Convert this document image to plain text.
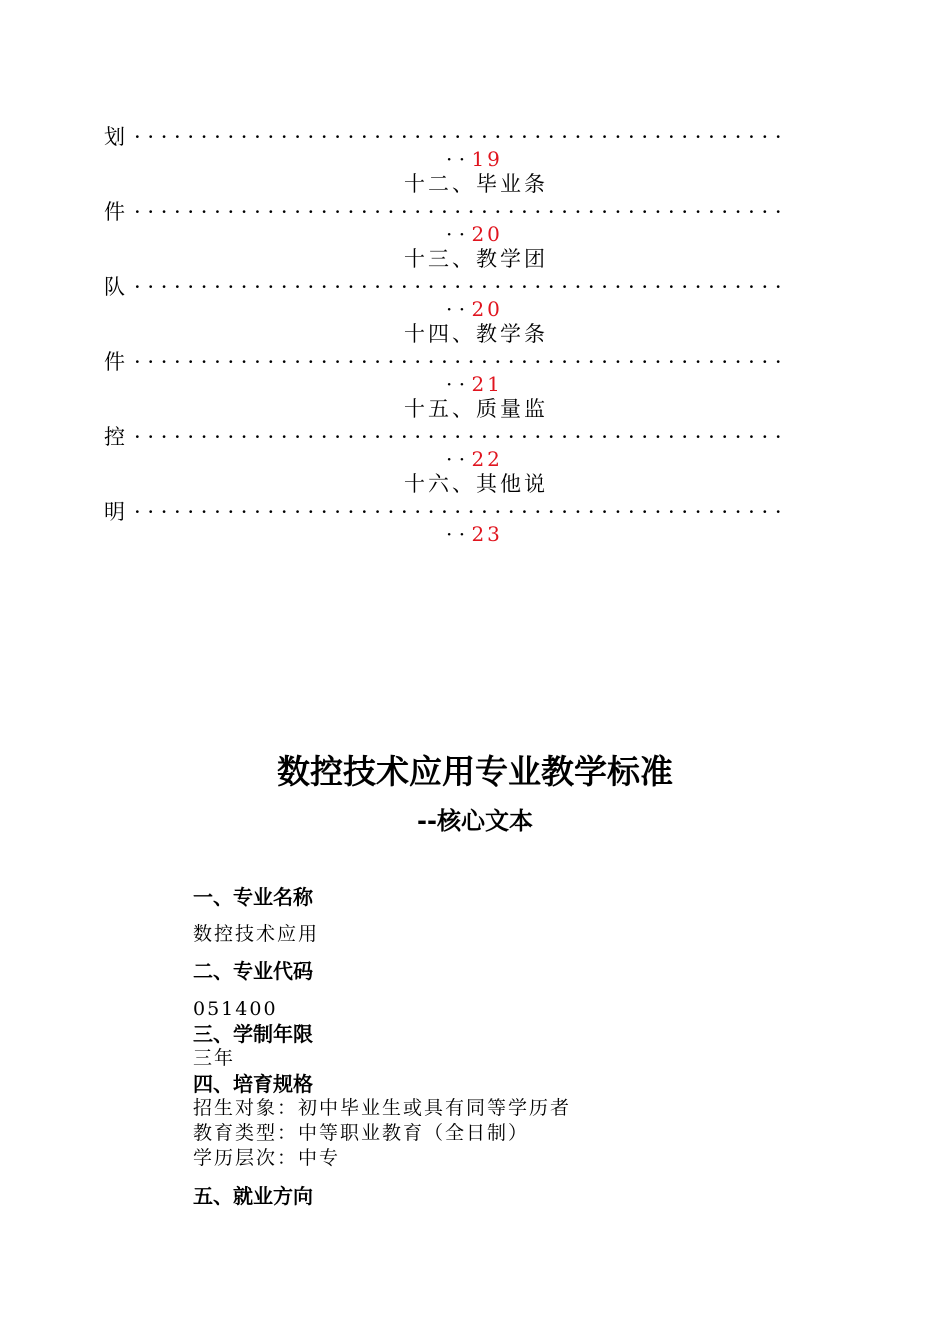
划 · · · · · · · · · · · · · · · · · · · · · · · · · · · · · · · · · · · · · · · · · · · · · · · · ·
· · 19
十二、毕业条
件 · · · · · · · · · · · · · · · · · · · · · · · · · · · · · · · · · · · · · · · · · · · · · · · · ·
· · 20
十三、教学团
队 · · · · · · · · · · · · · · · · · · · · · · · · · · · · · · · · · · · · · · · · · · · · · · · · ·
· · 20
十四、教学条
件 · · · · · · · · · · · · · · · · · · · · · · · · · · · · · · · · · · · · · · · · · · · · · · · · ·
· · 21
十五、质量监
控 · · · · · · · · · · · · · · · · · · · · · · · · · · · · · · · · · · · · · · · · · · · · · · · · ·
· · 22
十六、其他说
明 · · · · · · · · · · · · · · · · · · · · · · · · · · · · · · · · · · · · · · · · · · · · · · · · ·
· · 23
数控技术应用专业教学标准
--核心文本
一、专业名称
数控技术应用
二、专业代码
051400
三、学制年限
三年
四、培育规格
招生对象：初中毕业生或具有同等学历者
教育类型：中等职业教育（全日制）
学历层次：中专
五、就业方向
